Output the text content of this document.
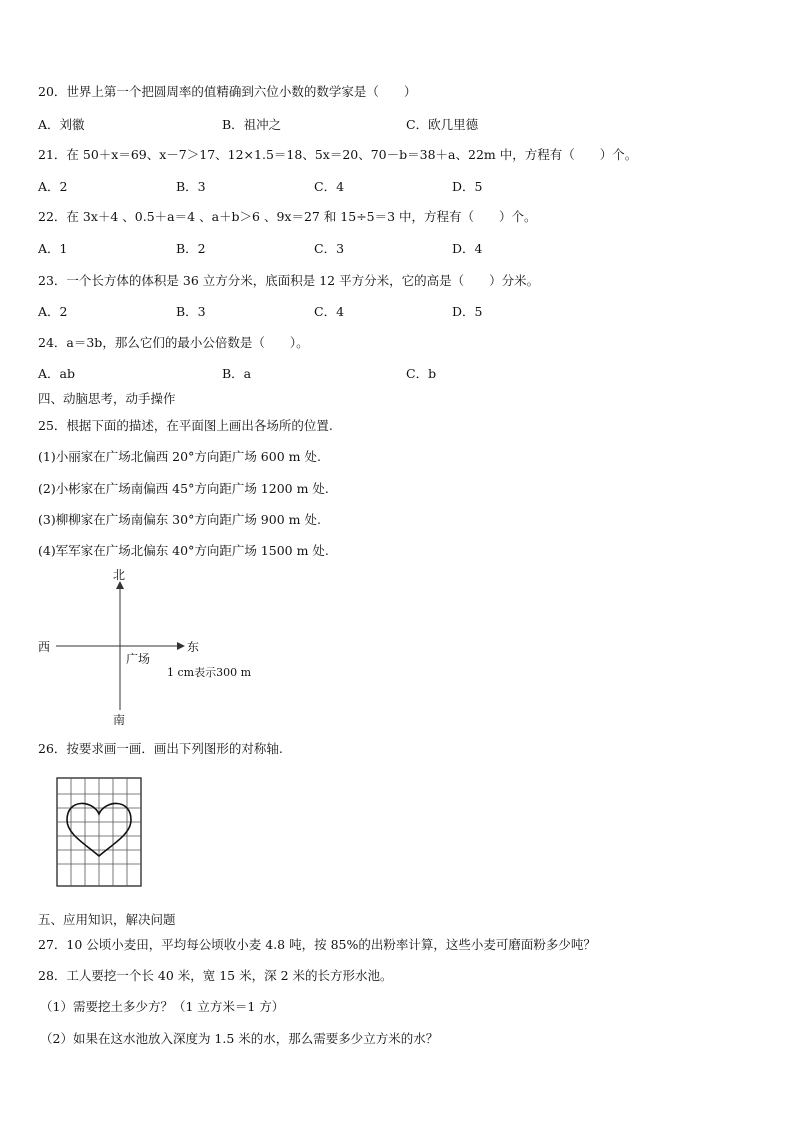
20．世界上第一个把圆周率的值精确到六位小数的数学家是（　　）
A．刘徽	B．祖冲之	C．欧几里德
21．在 50＋x＝69、x－7＞17、12×1.5＝18、5x＝20、70－b＝38＋a、22m 中，方程有（　　）个。
A．2	B．3	C．4	D．5
22．在 3x＋4 、0.5＋a＝4 、a＋b＞6 、9x＝27 和 15÷5＝3 中，方程有（　　）个。
A．1	B．2	C．3	D．4
23．一个长方体的体积是 36 立方分米，底面积是 12 平方分米，它的高是（　　）分米。
A．2	B．3	C．4	D．5
24．a＝3b，那么它们的最小公倍数是（　　）。
A．ab	B．a	C．b
四、动脑思考，动手操作
25．根据下面的描述，在平面图上画出各场所的位置.
(1)小丽家在广场北偏西 20°方向距广场 600 m 处.
(2)小彬家在广场南偏西 45°方向距广场 1200 m 处.
(3)柳柳家在广场南偏东 30°方向距广场 900 m 处.
(4)军军家在广场北偏东 40°方向距广场 1500 m 处.
北
南
西	东
广场
1 cm表示300 m
26．按要求画一画．画出下列图形的对称轴.
五、应用知识，解决问题
27．10 公顷小麦田，平均每公顷收小麦 4.8 吨，按 85%的出粉率计算，这些小麦可磨面粉多少吨？
28．工人要挖一个长 40 米，宽 15 米，深 2 米的长方形水池。
（1）需要挖土多少方？（1 立方米＝1 方）
（2）如果在这水池放入深度为 1.5 米的水，那么需要多少立方米的水？
